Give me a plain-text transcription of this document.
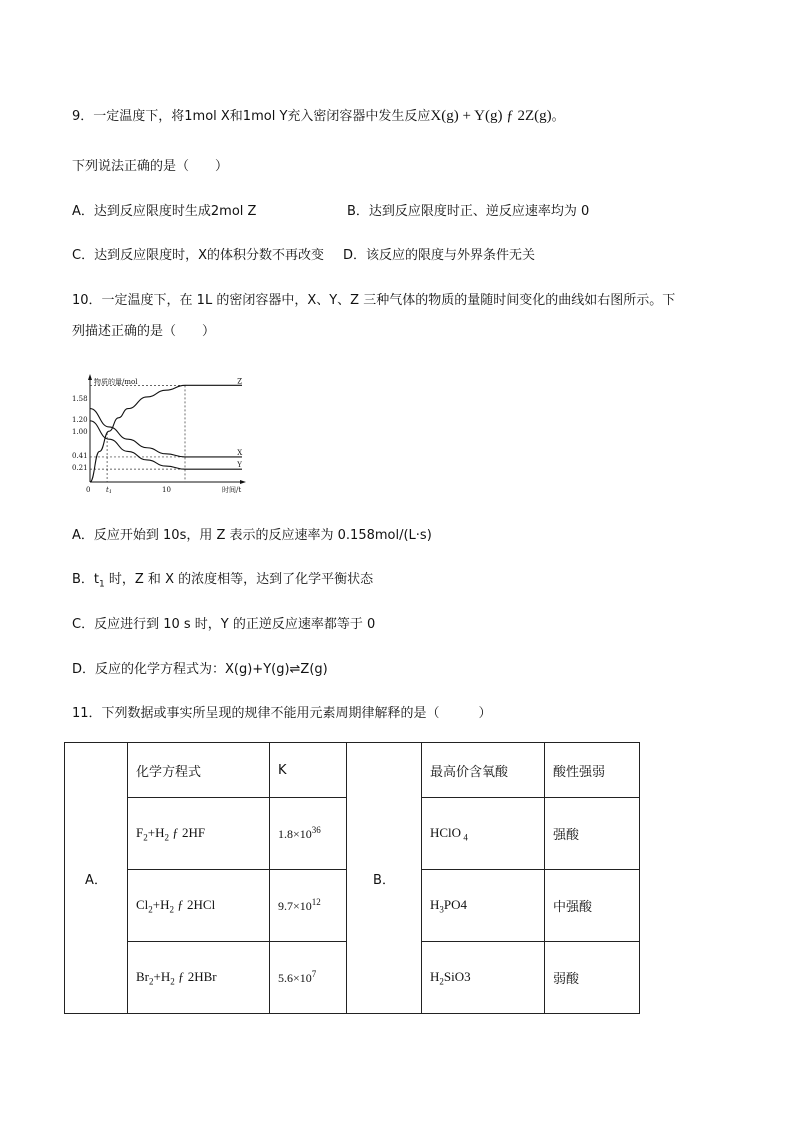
9．一定温度下，将1mol X和1mol Y充入密闭容器中发生反应X(g) + Y(g) ƒ 2Z(g)。
下列说法正确的是（　　）
A．达到反应限度时生成2mol Z	B．达到反应限度时正、逆反应速率均为 0
C．达到反应限度时，X的体积分数不再改变 D．该反应的限度与外界条件无关
10．一定温度下，在 1L 的密闭容器中，X、Y、Z 三种气体的物质的量随时间变化的曲线如右图所示。下
列描述正确的是（　　）
物质的量/mol
时间/t
1.58
1.20
1.00
0.41
0.21
0 t1	10
Z
X
Y
A．反应开始到 10s，用 Z 表示的反应速率为 0.158mol/(L·s)
B．$t_1$ 时，Z 和 X 的浓度相等，达到了化学平衡状态
C．反应进行到 10 s 时，Y 的正逆反应速率都等于 0
D．反应的化学方程式为：X(g)+Y(g)⇌Z(g)
11．下列数据或事实所呈现的规律不能用元素周期律解释的是（　　　）
A．	化学方程式	K	B．	最高价含氧酸	酸性强弱
	$F_2+H_2$ ƒ 2HF	$1.8\times 10^{36}$		HClO $_4$	强酸
	$Cl_2+H_2$ ƒ 2HCl	$9.7\times 10^{12}$		$H_3PO4$	中强酸
	$Br_2+H_2$ ƒ 2HBr	$5.6\times 10^7$		$H_2SiO3$	弱酸
